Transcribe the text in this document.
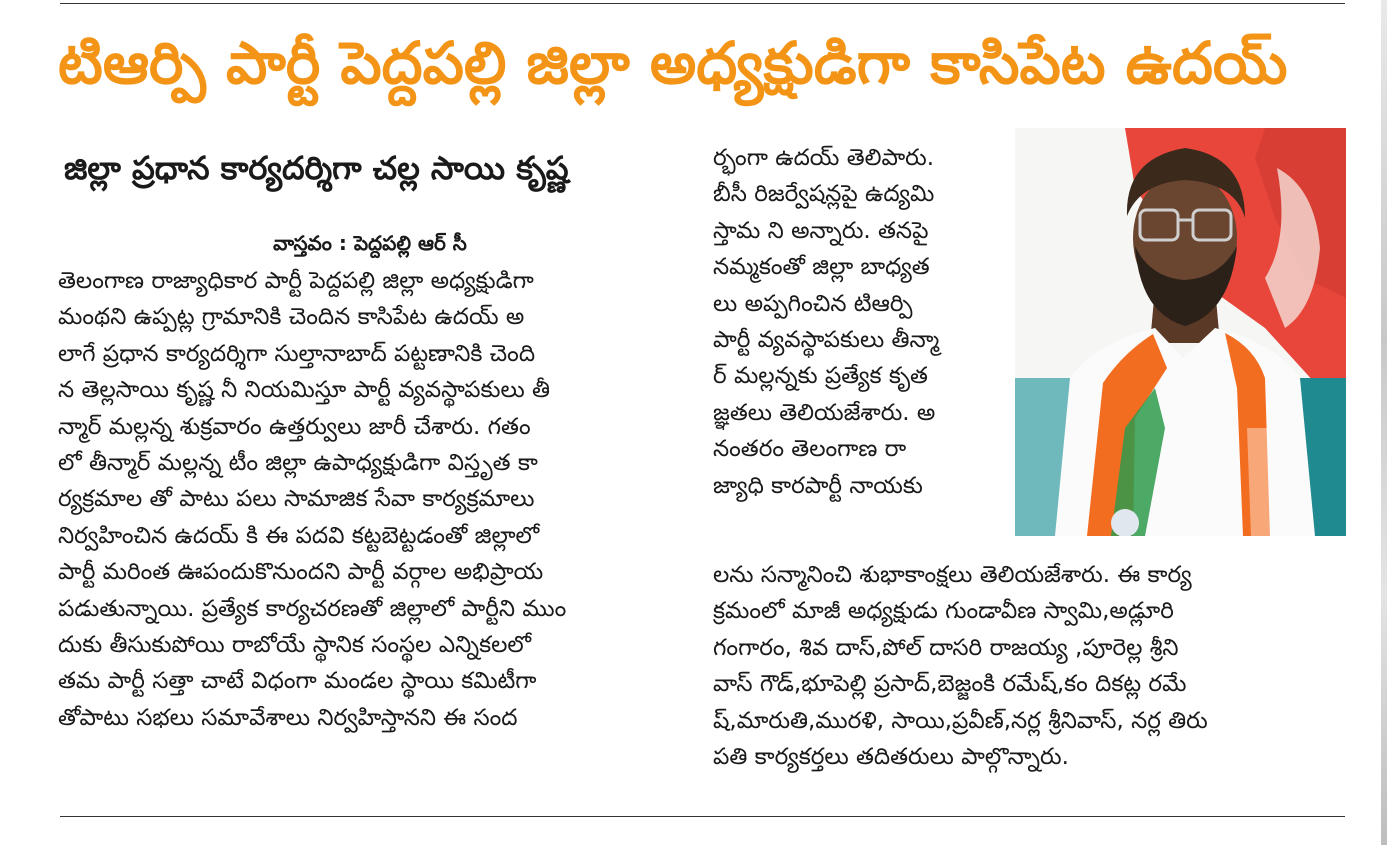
టిఆర్పి పార్టీ పెద్దపల్లి జిల్లా అధ్యక్షుడిగా కాసిపేట ఉదయ్
జిల్లా ప్రధాన కార్యదర్శిగా చల్ల సాయి కృష్ణ
వాస్తవం : పెద్దపల్లి ఆర్ సీ
తెలంగాణ రాజ్యాధికార పార్టీ పెద్దపల్లి జిల్లా అధ్యక్షుడిగా
మంథని ఉప్పట్ల గ్రామానికి చెందిన కాసిపేట ఉదయ్ అ
లాగే ప్రధాన కార్యదర్శిగా సుల్తానాబాద్ పట్టణానికి చెంది
న తెల్లసాయి కృష్ణ నీ నియమిస్తూ పార్టీ వ్యవస్థాపకులు తీ
న్మార్ మల్లన్న శుక్రవారం ఉత్తర్వులు జారీ చేశారు. గతం
లో తీన్మార్ మల్లన్న టీం జిల్లా ఉపాధ్యక్షుడిగా విస్తృత కా
ర్యక్రమాల తో పాటు పలు సామాజిక సేవా కార్యక్రమాలు
నిర్వహించిన ఉదయ్ కి ఈ పదవి కట్టబెట్టడంతో జిల్లాలో
పార్టీ మరింత ఊపందుకొనుందని పార్టీ వర్గాల అభిప్రాయ
పడుతున్నాయి. ప్రత్యేక కార్యచరణతో జిల్లాలో పార్టీని ముం
దుకు తీసుకుపోయి రాబోయే స్థానిక సంస్థల ఎన్నికలలో
తమ పార్టీ సత్తా చాటే విధంగా మండల స్థాయి కమిటీగా
తోపాటు సభలు సమావేశాలు నిర్వహిస్తానని ఈ సంద
ర్భంగా ఉదయ్ తెలిపారు.
బీసీ రిజర్వేషన్లపై ఉద్యమి
స్తామ ని అన్నారు. తనపై
నమ్మకంతో జిల్లా బాధ్యత
లు అప్పగించిన టిఆర్పి
పార్టీ వ్యవస్థాపకులు తీన్మా
ర్ మల్లన్నకు ప్రత్యేక కృత
జ్ఞతలు తెలియజేశారు. అ
నంతరం తెలంగాణ రా
జ్యాధి కారపార్టీ నాయకు
లను సన్మానించి శుభాకాంక్షలు తెలియజేశారు. ఈ కార్య
క్రమంలో మాజీ అధ్యక్షుడు గుండావీణ స్వామి,అడ్లూరి
గంగారం, శివ దాస్,పోల్ దాసరి రాజయ్య ,పూరెల్ల శ్రీని
వాస్ గౌడ్,భూపెల్లి ప్రసాద్,బెజ్జంకి రమేష్,కం దికట్ల రమే
ష్,మారుతి,మురళి, సాయి,ప్రవీణ్,నర్ల శ్రీనివాస్, నర్ల తిరు
పతి కార్యకర్తలు తదితరులు పాల్గొన్నారు.
